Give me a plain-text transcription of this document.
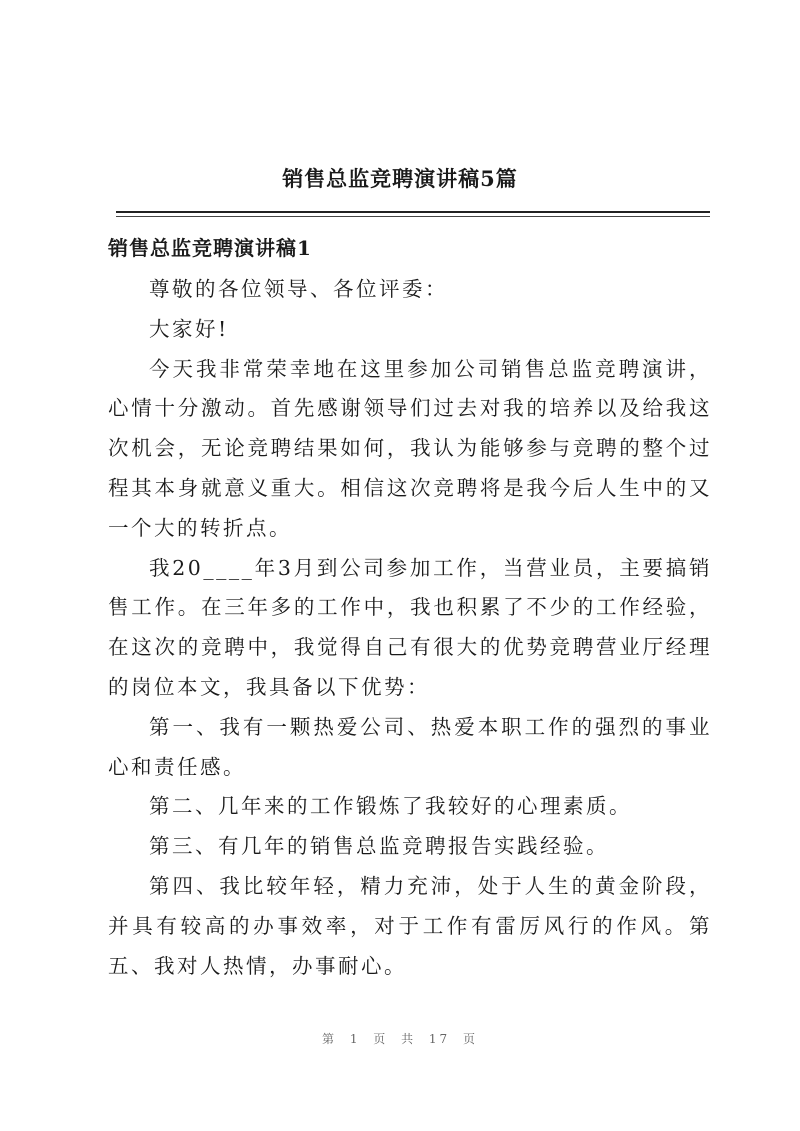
销售总监竞聘演讲稿5篇
销售总监竞聘演讲稿1

尊敬的各位领导、各位评委：

大家好!

今天我非常荣幸地在这里参加公司销售总监竞聘演讲，心情十分激动。首先感谢领导们过去对我的培养以及给我这次机会，无论竞聘结果如何，我认为能够参与竞聘的整个过程其本身就意义重大。相信这次竞聘将是我今后人生中的又一个大的转折点。

我20____年3月到公司参加工作，当营业员，主要搞销售工作。在三年多的工作中，我也积累了不少的工作经验，在这次的竞聘中，我觉得自己有很大的优势竞聘营业厅经理的岗位本文，我具备以下优势：

第一、我有一颗热爱公司、热爱本职工作的强烈的事业心和责任感。

第二、几年来的工作锻炼了我较好的心理素质。

第三、有几年的销售总监竞聘报告实践经验。

第四、我比较年轻，精力充沛，处于人生的黄金阶段，并具有较高的办事效率，对于工作有雷厉风行的作风。第五、我对人热情，办事耐心。

第 1 页 共 17 页
